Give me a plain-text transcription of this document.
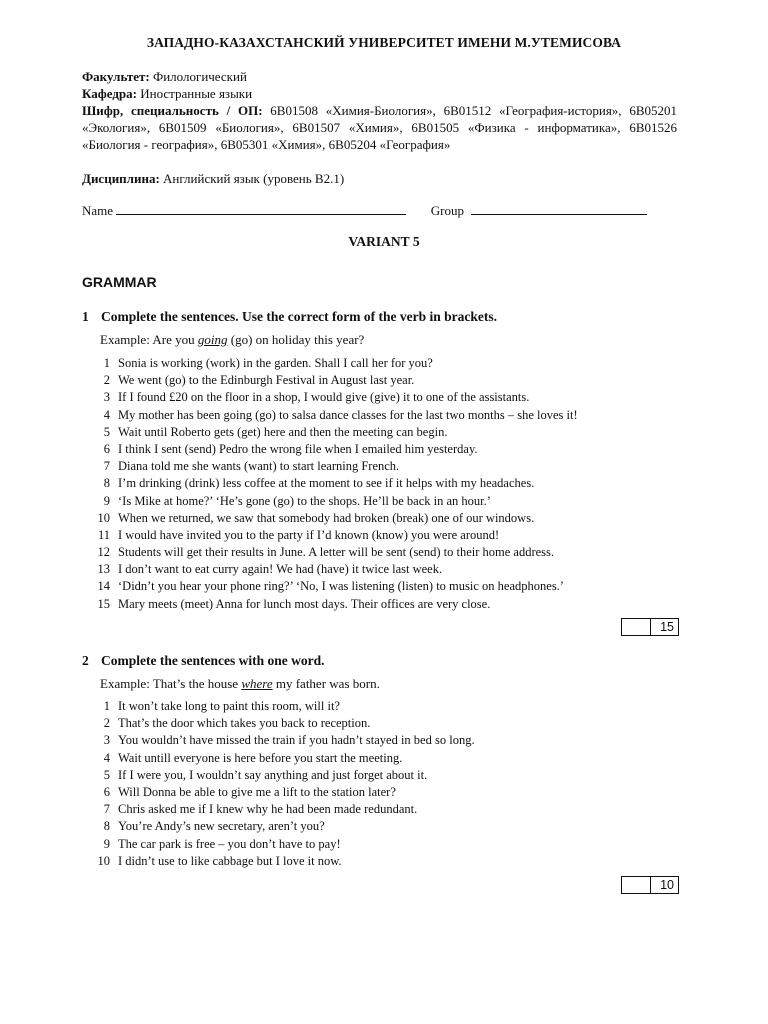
ЗАПАДНО-КАЗАХСТАНСКИЙ УНИВЕРСИТЕТ ИМЕНИ М.УТЕМИСОВА
Факультет: Филологический
Кафедра: Иностранные языки
Шифр, специальность / ОП: 6В01508 «Химия-Биология», 6В01512 «География-история», 6В05201 «Экология», 6В01509 «Биология», 6В01507 «Химия», 6В01505 «Физика - информатика», 6В01526 «Биология - география», 6В05301 «Химия», 6В05204 «География»
Дисциплина: Английский язык (уровень В2.1)
Name	Group
VARIANT 5
GRAMMAR
1 Complete the sentences. Use the correct form of the verb in brackets.
Example: Are you going (go) on holiday this year?
1 Sonia is working (work) in the garden. Shall I call her for you?
2 We went (go) to the Edinburgh Festival in August last year.
3 If I found £20 on the floor in a shop, I would give (give) it to one of the assistants.
4 My mother has been going (go) to salsa dance classes for the last two months – she loves it!
5 Wait until Roberto gets (get) here and then the meeting can begin.
6 I think I sent (send) Pedro the wrong file when I emailed him yesterday.
7 Diana told me she wants (want) to start learning French.
8 I’m drinking (drink) less coffee at the moment to see if it helps with my headaches.
9 ‘Is Mike at home?’ ‘He’s gone (go) to the shops. He’ll be back in an hour.’
10 When we returned, we saw that somebody had broken (break) one of our windows.
11 I would have invited you to the party if I’d known (know) you were around!
12 Students will get their results in June. A letter will be sent (send) to their home address.
13 I don’t want to eat curry again! We had (have) it twice last week.
14 ‘Didn’t you hear your phone ring?’ ‘No, I was listening (listen) to music on headphones.’
15 Mary meets (meet) Anna for lunch most days. Their offices are very close.
15
2 Complete the sentences with one word.
Example: That’s the house where my father was born.
1 It won’t take long to paint this room, will it?
2 That’s the door which takes you back to reception.
3 You wouldn’t have missed the train if you hadn’t stayed in bed so long.
4 Wait untill everyone is here before you start the meeting.
5 If I were you, I wouldn’t say anything and just forget about it.
6 Will Donna be able to give me a lift to the station later?
7 Chris asked me if I knew why he had been made redundant.
8 You’re Andy’s new secretary, aren’t you?
9 The car park is free – you don’t have to pay!
10 I didn’t use to like cabbage but I love it now.
10
